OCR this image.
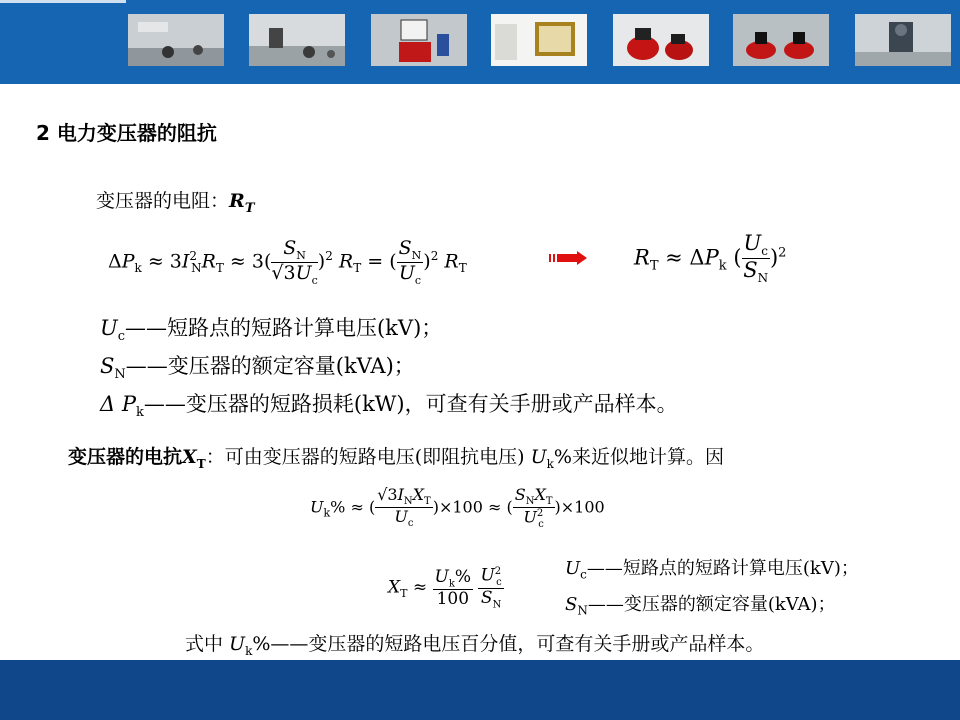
2 电力变压器的阻抗
变压器的电阻：$R_T$
$\Delta P_k \approx 3I^2_NR_T \approx 3( \frac{S_N}{√3U_c} )^2$ $R_T$ = ( $\frac{S_N}{U_c} )^2$ $R_T$	$R_T \approx \Delta P_k$ ( $\frac{U_c}{S_N} )^2$
$U_c——$短路点的短路计算电压(kV)；
$S_N——$变压器的额定容量(kVA)；
Δ $P_k——$变压器的短路损耗(kW)，可查有关手册或产品样本。
变压器的电抗$X_T$：可由变压器的短路电压(即阻抗电压) $U_k\%$来近似地计算。因
$U_k\%$ ≈ ( $\frac{√3I_NX_T}{U_c} )\times 100$ ≈ ( $\frac{S_NX_T}{U^2_c} )\times 100$
$X_T \approx \frac{U_k\%}{100}$
$\frac{U^2_c}{S_N}$	$U_c——$短路点的短路计算电压(kV)；
$S_N——$变压器的额定容量(kVA)；
式中 $U_k\%——$变压器的短路电压百分值，可查有关手册或产品样本。
